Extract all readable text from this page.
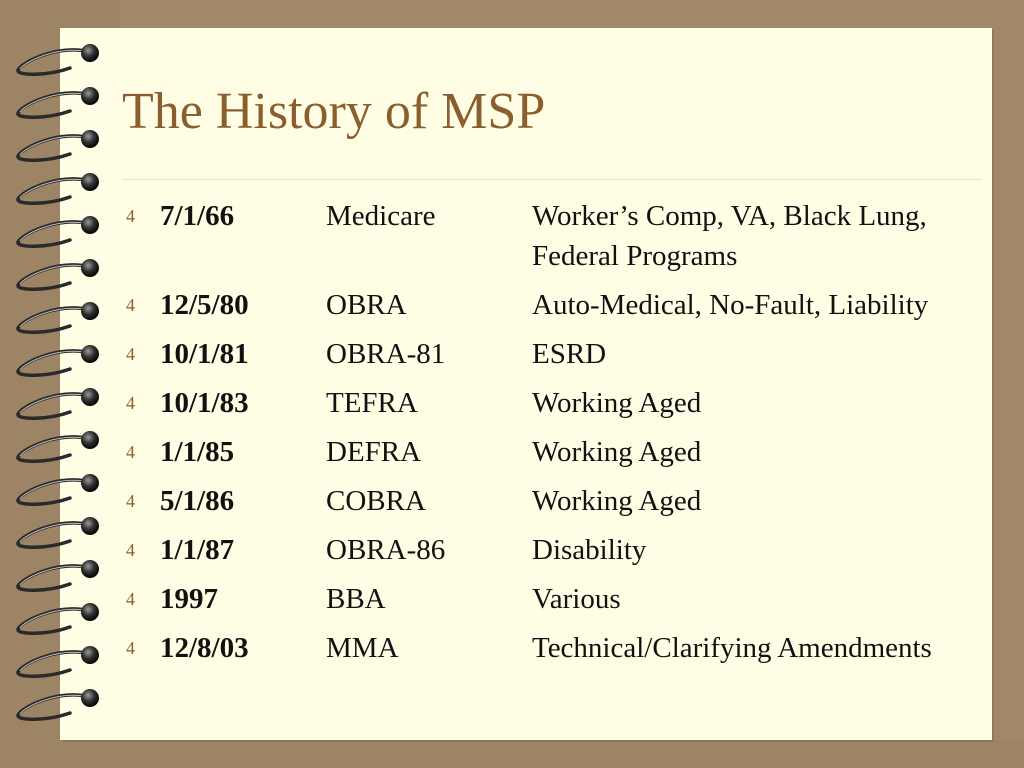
The History of MSP
4 7/1/66	Medicare	Worker’s Comp, VA, Black Lung, Federal Programs
4 12/5/80	OBRA	Auto-Medical, No-Fault, Liability
4 10/1/81	OBRA-81	ESRD
4 10/1/83	TEFRA	Working Aged
4 1/1/85	DEFRA	Working Aged
4 5/1/86	COBRA	Working Aged
4 1/1/87	OBRA-86	Disability
4 1997	BBA	Various
4 12/8/03	MMA	Technical/Clarifying Amendments
